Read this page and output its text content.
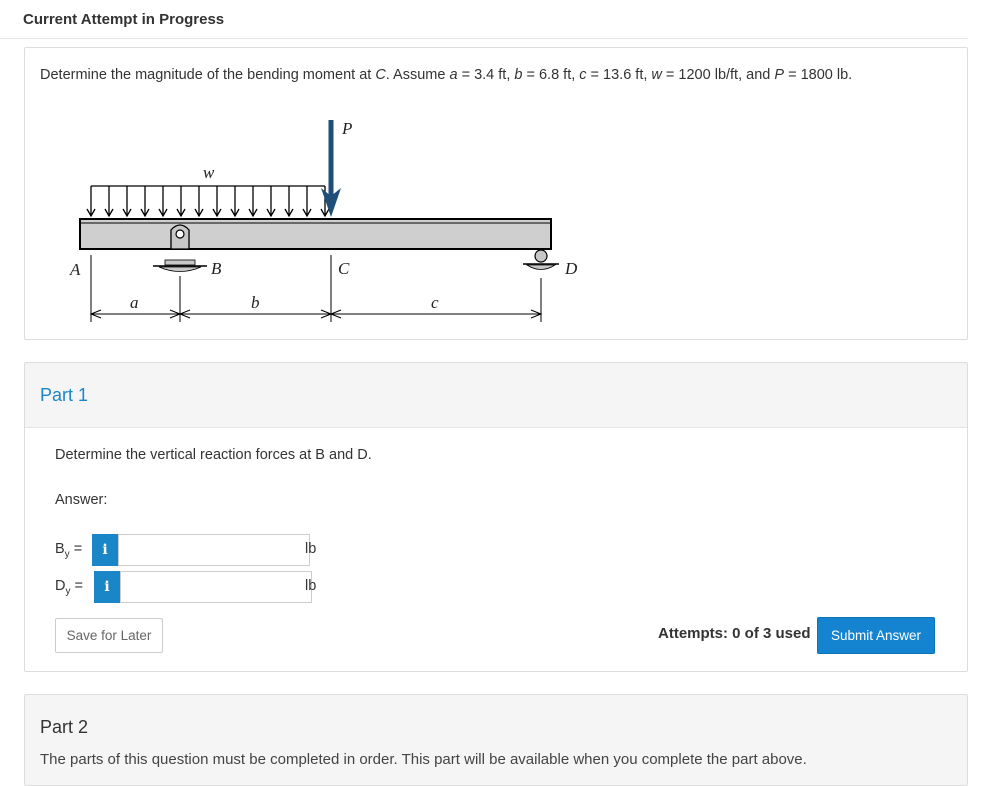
Current Attempt in Progress

Determine the magnitude of the bending moment at C. Assume a = 3.4 ft, b = 6.8 ft, c = 13.6 ft, w = 1200 lb/ft, and P = 1800 lb.

P
w
A	B	C	D
a	b	c
Part 1
Determine the vertical reaction forces at B and D.
Answer:
$B_y$ =	i	lb
$D_y$ =	i	lb
Save for Later	Attempts: 0 of 3 used	Submit Answer
Part 2
The parts of this question must be completed in order. This part will be available when you complete the part above.
